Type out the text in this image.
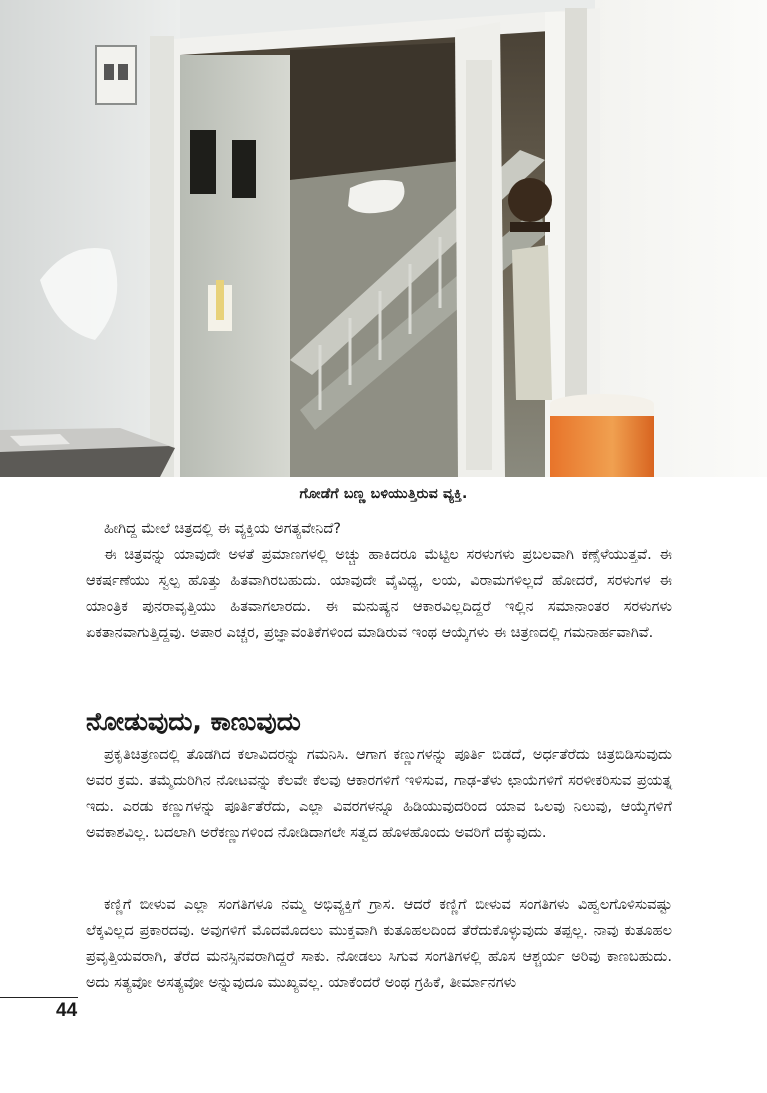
ಗೋಡೆಗೆ ಬಣ್ಣ ಬಳಿಯುತ್ತಿರುವ ವ್ಯಕ್ತಿ.

ಹೀಗಿದ್ದ ಮೇಲೆ ಚಿತ್ರದಲ್ಲಿ ಈ ವ್ಯಕ್ತಿಯ ಅಗತ್ಯವೇನಿದೆ?

ಈ ಚಿತ್ರವನ್ನು ಯಾವುದೇ ಅಳತೆ ಪ್ರಮಾಣಗಳಲ್ಲಿ ಅಚ್ಚು ಹಾಕಿದರೂ ಮೆಟ್ಟಿಲ ಸರಳುಗಳು ಪ್ರಬಲವಾಗಿ ಕಣ್ಸೆಳೆಯುತ್ತವೆ. ಈ ಆಕರ್ಷಣೆಯು ಸ್ವಲ್ಪ ಹೊತ್ತು ಹಿತವಾಗಿರಬಹುದು. ಯಾವುದೇ ವೈವಿಧ್ಯ, ಲಯ, ವಿರಾಮಗಳಿಲ್ಲದೆ ಹೋದರೆ, ಸರಳುಗಳ ಈ ಯಾಂತ್ರಿಕ ಪುನರಾವೃತ್ತಿಯು ಹಿತವಾಗಲಾರದು. ಈ ಮನುಷ್ಯನ ಆಕಾರವಿಲ್ಲದಿದ್ದರೆ ಇಲ್ಲಿನ ಸಮಾನಾಂತರ ಸರಳುಗಳು ಏಕತಾನವಾಗುತ್ತಿದ್ದವು. ಅಪಾರ ಎಚ್ಚರ, ಪ್ರಜ್ಞಾವಂತಿಕೆಗಳಿಂದ ಮಾಡಿರುವ ಇಂಥ ಆಯ್ಕೆಗಳು ಈ ಚಿತ್ರಣದಲ್ಲಿ ಗಮನಾರ್ಹವಾಗಿವೆ.

ನೋಡುವುದು, ಕಾಣುವುದು

ಪ್ರಕೃತಿಚಿತ್ರಣದಲ್ಲಿ ತೊಡಗಿದ ಕಲಾವಿದರನ್ನು ಗಮನಿಸಿ. ಆಗಾಗ ಕಣ್ಣುಗಳನ್ನು ಪೂರ್ತಿ ಬಿಡದೆ, ಅರ್ಧತೆರೆದು ಚಿತ್ರಬಿಡಿಸುವುದು ಅವರ ಕ್ರಮ. ತಮ್ಮೆದುರಿಗಿನ ನೋಟವನ್ನು ಕೆಲವೇ ಕೆಲವು ಆಕಾರಗಳಿಗೆ ಇಳಿಸುವ, ಗಾಢ-ತೆಳು ಛಾಯೆಗಳಿಗೆ ಸರಳೀಕರಿಸುವ ಪ್ರಯತ್ನ ಇದು. ಎರಡು ಕಣ್ಣುಗಳನ್ನು ಪೂರ್ತಿತೆರೆದು, ಎಲ್ಲಾ ವಿವರಗಳನ್ನೂ ಹಿಡಿಯುವುದರಿಂದ ಯಾವ ಒಲವು ನಿಲುವು, ಆಯ್ಕೆಗಳಿಗೆ ಅವಕಾಶವಿಲ್ಲ. ಬದಲಾಗಿ ಅರೆಕಣ್ಣುಗಳಿಂದ ನೋಡಿದಾಗಲೇ ಸತ್ವದ ಹೊಳಹೊಂದು ಅವರಿಗೆ ದಕ್ಕುವುದು.

ಕಣ್ಣಿಗೆ ಬೀಳುವ ಎಲ್ಲಾ ಸಂಗತಿಗಳೂ ನಮ್ಮ ಅಭಿವ್ಯಕ್ತಿಗೆ ಗ್ರಾಸ. ಆದರೆ ಕಣ್ಣಿಗೆ ಬೀಳುವ ಸಂಗತಿಗಳು ವಿಹ್ವಲಗೊಳಿಸುವಷ್ಟು ಲೆಕ್ಕವಿಲ್ಲದ ಪ್ರಕಾರದವು. ಅವುಗಳಿಗೆ ಮೊದಮೊದಲು ಮುಕ್ತವಾಗಿ ಕುತೂಹಲದಿಂದ ತೆರೆದುಕೊಳ್ಳುವುದು ತಪ್ಪಲ್ಲ. ನಾವು ಕುತೂಹಲ ಪ್ರವೃತ್ತಿಯವರಾಗಿ, ತೆರೆದ ಮನಸ್ಸಿನವರಾಗಿದ್ದರೆ ಸಾಕು. ನೋಡಲು ಸಿಗುವ ಸಂಗತಿಗಳಲ್ಲಿ ಹೊಸ ಆಶ್ಚರ್ಯ ಅರಿವು ಕಾಣಬಹುದು. ಅದು ಸತ್ಯವೋ ಅಸತ್ಯವೋ ಅನ್ನುವುದೂ ಮುಖ್ಯವಲ್ಲ. ಯಾಕೆಂದರೆ ಅಂಥ ಗ್ರಹಿಕೆ, ತೀರ್ಮಾನಗಳು

44
